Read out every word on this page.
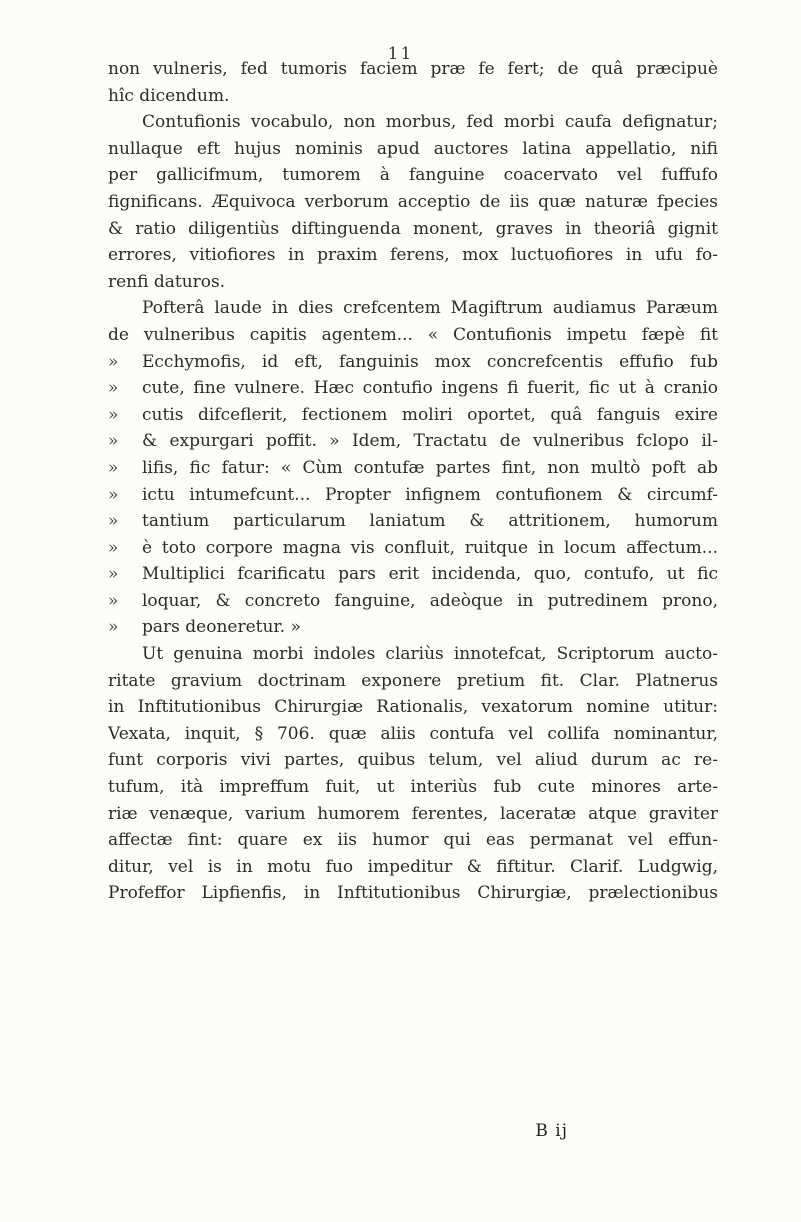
11
non vulneris, fed tumoris faciem præ fe fert; de quâ præcipuè
hîc dicendum.
Contufionis vocabulo, non morbus, fed morbi caufa defignatur;
nullaque eft hujus nominis apud auctores latina appellatio, nifi
per gallicifmum, tumorem à fanguine coacervato vel fuffufo
fignificans. Æquivoca verborum acceptio de iis quæ naturæ fpecies
& ratio diligentiùs diftinguenda monent, graves in theoriâ gignit
errores, vitiofiores in praxim ferens, mox luctuofiores in ufu fo-
renfi daturos.
Pofterâ laude in dies crefcentem Magiftrum audiamus Paræum
de vulneribus capitis agentem... « Contufionis impetu fæpè fit
» Ecchymofis, id eft, fanguinis mox concrefcentis effufio fub
» cute, fine vulnere. Hæc contufio ingens fi fuerit, fic ut à cranio
» cutis difceflerit, fectionem moliri oportet, quâ fanguis exire
» & expurgari poffit. » Idem, Tractatu de vulneribus fclopo il-
» lifis, fic fatur: « Cùm contufæ partes fint, non multò poft ab
» ictu intumefcunt... Propter infignem contufionem & circumf-
» tantium particularum laniatum & attritionem, humorum
» è toto corpore magna vis confluit, ruitque in locum affectum...
» Multiplici fcarificatu pars erit incidenda, quo, contufo, ut fic
» loquar, & concreto fanguine, adeòque in putredinem prono,
» pars deoneretur. »
Ut genuina morbi indoles clariùs innotefcat, Scriptorum aucto-
ritate gravium doctrinam exponere pretium fit. Clar. Platnerus
in Inftitutionibus Chirurgiæ Rationalis, vexatorum nomine utitur:
Vexata, inquit, § 706. quæ aliis contufa vel collifa nominantur,
funt corporis vivi partes, quibus telum, vel aliud durum ac re-
tufum, ità impreffum fuit, ut interiùs fub cute minores arte-
riæ venæque, varium humorem ferentes, laceratæ atque graviter
affectæ fint: quare ex iis humor qui eas permanat vel effun-
ditur, vel is in motu fuo impeditur & fiftitur. Clarif. Ludgwig,
Profeffor Lipfienfis, in Inftitutionibus Chirurgiæ, prælectionibus
B ij
